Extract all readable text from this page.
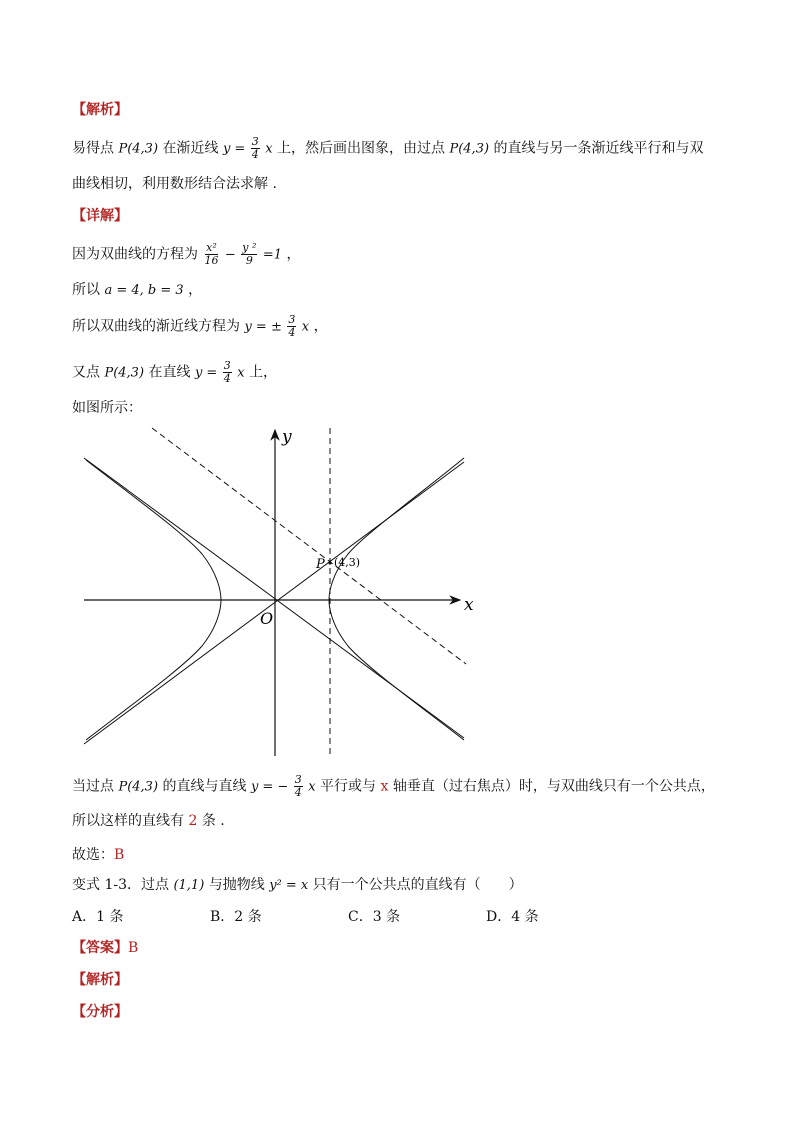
【解析】
易得点 P(4,3) 在渐近线 $y = \frac{3}{4}$ x 上，然后画出图象，由过点 P(4,3) 的直线与另一条渐近线平行和与双
曲线相切，利用数形结合法求解 .
【详解】
因为双曲线的方程为 $\frac{\text{x²}}{16} - \frac{\text{y ²}}{9} =1$ ，
所以 a = 4, b = 3 ，
所以双曲线的渐近线方程为 y = ± $\frac{3}{4}$ x ，
又点 P(4,3) 在直线 $y = \frac{3}{4}$ x 上，
如图所示：
y
x
O
P (4,3)
当过点 P(4,3) 的直线与直线 y = − $\frac{3}{4}$ x 平行或与 x 轴垂直（过右焦点）时，与双曲线只有一个公共点，
所以这样的直线有 2 条 .
故选：B
变式 1-3．过点 (1,1) 与抛物线 y² = x 只有一个公共点的直线有（　　）
A．1 条	B．2 条	C．3 条	D．4 条
【答案】B
【解析】
【分析】
